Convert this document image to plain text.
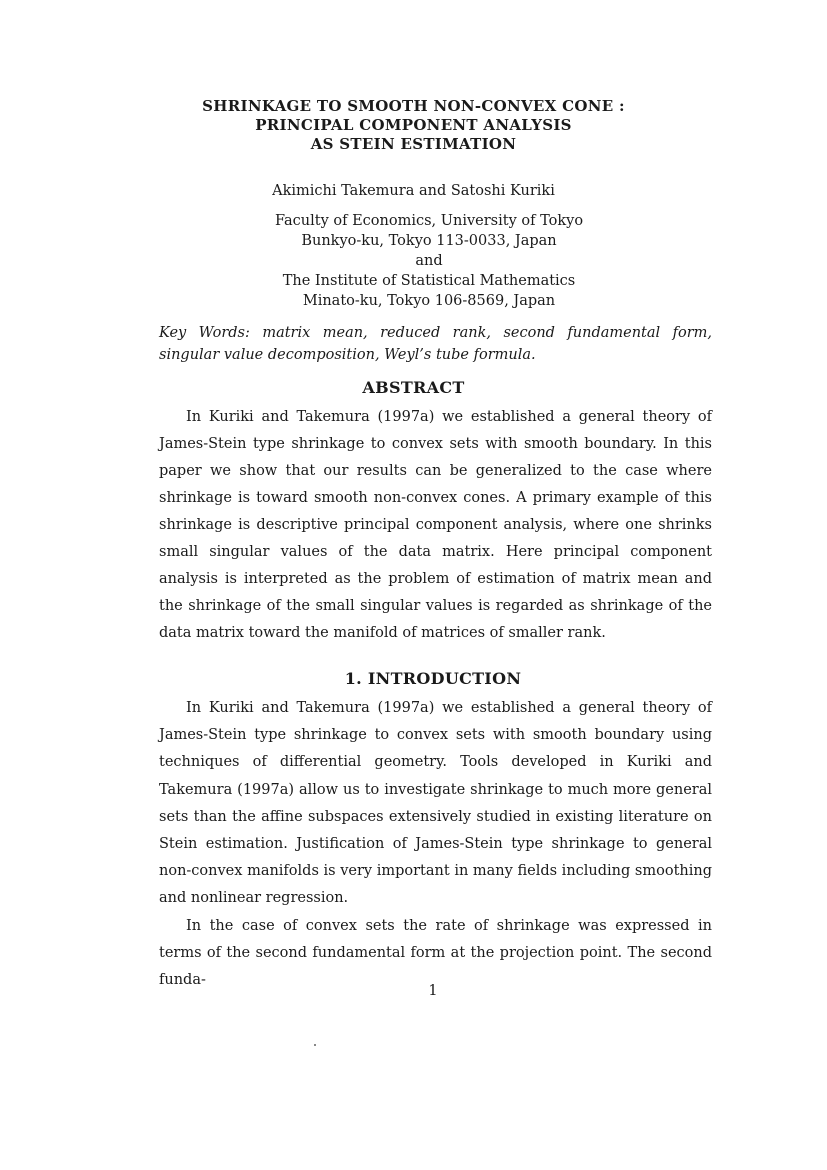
SHRINKAGE TO SMOOTH NON-CONVEX CONE :
PRINCIPAL COMPONENT ANALYSIS
AS STEIN ESTIMATION
Akimichi Takemura and Satoshi Kuriki
Faculty of Economics, University of Tokyo
Bunkyo-ku, Tokyo 113-0033, Japan
and
The Institute of Statistical Mathematics
Minato-ku, Tokyo 106-8569, Japan
Key Words: matrix mean, reduced rank, second fundamental form, singular value decomposition, Weyl’s tube formula.
ABSTRACT
In Kuriki and Takemura (1997a) we established a general theory of James-Stein type shrinkage to convex sets with smooth boundary. In this paper we show that our results can be generalized to the case where shrinkage is toward smooth non-convex cones. A primary example of this shrinkage is descriptive principal component analysis, where one shrinks small singular values of the data matrix. Here principal component analysis is interpreted as the problem of estimation of matrix mean and the shrinkage of the small singular values is regarded as shrinkage of the data matrix toward the manifold of matrices of smaller rank.
1. INTRODUCTION

In Kuriki and Takemura (1997a) we established a general theory of James-Stein type shrinkage to convex sets with smooth boundary using techniques of differential geometry. Tools developed in Kuriki and Takemura (1997a) allow us to investigate shrinkage to much more general sets than the affine subspaces extensively studied in existing literature on Stein estimation. Justification of James-Stein type shrinkage to general non-convex manifolds is very important in many fields including smoothing and nonlinear regression.

In the case of convex sets the rate of shrinkage was expressed in terms of the second fundamental form at the projection point. The second funda-

1
